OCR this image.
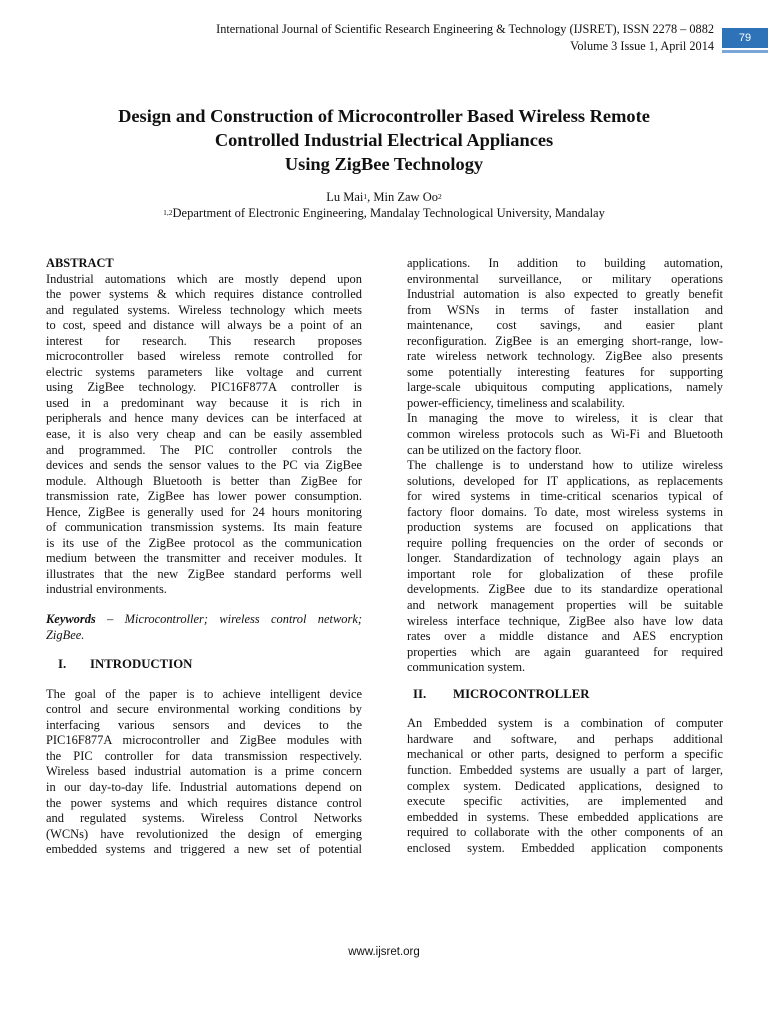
International Journal of Scientific Research Engineering & Technology (IJSRET), ISSN 2278 – 0882
Volume 3 Issue 1, April 2014
79
Design and Construction of Microcontroller Based Wireless Remote
Controlled Industrial Electrical Appliances
Using ZigBee Technology
Lu Mai$^1$, Min Zaw Oo$^2$
$^{1,2}$Department of Electronic Engineering, Mandalay Technological University, Mandalay
ABSTRACT
Industrial automations which are mostly depend upon
the power systems & which requires distance controlled
and regulated systems. Wireless technology which meets
to cost, speed and distance will always be a point of an
interest for research. This research proposes
microcontroller based wireless remote controlled for
electric systems parameters like voltage and current
using ZigBee technology. PIC16F877A controller is
used in a predominant way because it is rich in
peripherals and hence many devices can be interfaced at
ease, it is also very cheap and can be easily assembled
and programmed. The PIC controller controls the
devices and sends the sensor values to the PC via ZigBee
module. Although Bluetooth is better than ZigBee for
transmission rate, ZigBee has lower power consumption.
Hence, ZigBee is generally used for 24 hours monitoring
of communication transmission systems. Its main feature
is its use of the ZigBee protocol as the communication
medium between the transmitter and receiver modules. It
illustrates that the new ZigBee standard performs well
industrial environments.
Keywords – Microcontroller; wireless control network;
ZigBee.
I. INTRODUCTION
The goal of the paper is to achieve intelligent device
control and secure environmental working conditions by
interfacing various sensors and devices to the
PIC16F877A microcontroller and ZigBee modules with
the PIC controller for data transmission respectively.
Wireless based industrial automation is a prime concern
in our day-to-day life. Industrial automations depend on
the power systems and which requires distance control
and regulated systems. Wireless Control Networks
(WCNs) have revolutionized the design of emerging
embedded systems and triggered a new set of potential
applications. In addition to building automation,
environmental surveillance, or military operations
Industrial automation is also expected to greatly benefit
from WSNs in terms of faster installation and
maintenance, cost savings, and easier plant
reconfiguration. ZigBee is an emerging short-range, low-
rate wireless network technology. ZigBee also presents
some potentially interesting features for supporting
large-scale ubiquitous computing applications, namely
power-efficiency, timeliness and scalability.
In managing the move to wireless, it is clear that
common wireless protocols such as Wi-Fi and Bluetooth
can be utilized on the factory floor.
The challenge is to understand how to utilize wireless
solutions, developed for IT applications, as replacements
for wired systems in time-critical scenarios typical of
factory floor domains. To date, most wireless systems in
production systems are focused on applications that
require polling frequencies on the order of seconds or
longer. Standardization of technology again plays an
important role for globalization of these profile
developments. ZigBee due to its standardize operational
and network management properties will be suitable
wireless interface technique, ZigBee also have low data
rates over a middle distance and AES encryption
properties which are again guaranteed for required
communication system.
II. MICROCONTROLLER
An Embedded system is a combination of computer
hardware and software, and perhaps additional
mechanical or other parts, designed to perform a specific
function. Embedded systems are usually a part of larger,
complex system. Dedicated applications, designed to
execute specific activities, are implemented and
embedded in systems. These embedded applications are
required to collaborate with the other components of an
enclosed system. Embedded application components
www.ijsret.org
